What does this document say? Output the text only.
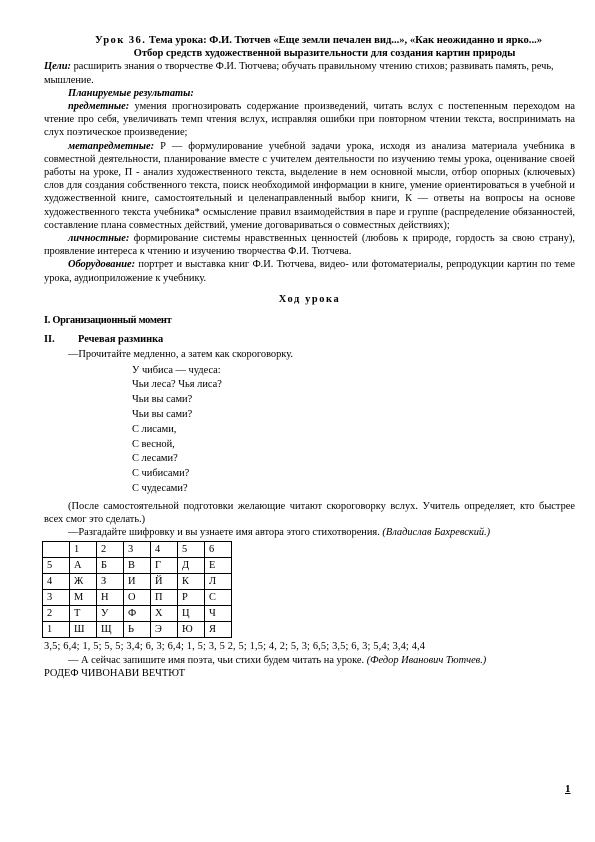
Урок 36. Тема урока: Ф.И. Тютчев «Еще земли печален вид...», «Как неожиданно и ярко...»
Отбор средств художественной выразительности для создания картин природы

Цели: расширить знания о творчестве Ф.И. Тютчева; обучать правильному чтению стихов; развивать память, речь, мышление.

Планируемые результаты:

предметные: умения прогнозировать содержание произведений, читать вслух с постепенным переходом на чтение про себя, увеличивать темп чтения вслух, исправляя ошибки при повторном чтении текста, воспринимать на слух поэтическое произведение;

метапредметные: Р — формулирование учебной задачи урока, исходя из анализа материала учебника в совместной деятельности, планирование вместе с учителем деятельности по изучению темы урока, оценивание своей работы на уроке, П - анализ художественного текста, выделение в нем основной мысли, отбор опорных (ключевых) слов для создания собственного текста, поиск необходимой информации в книге, умение ориентироваться в учебной и художественной книге, самостоятельный и целенаправленный выбор книги, К — ответы на вопросы на основе художественного текста учебника* осмысление правил взаимодействия в паре и группе (распределение обязанностей, составление плана совместных действий, умение договариваться о совместных действиях);

личностные: формирование системы нравственных ценностей (любовь к природе, гордость за свою страну), проявление интереса к чтению и изучению творчества Ф.И. Тютчева.

Оборудование: портрет и выставка книг Ф.И. Тютчева, видео- или фотоматериалы, репродукции картин по теме урока, аудиоприложение к учебнику.

Ход урока
I. Организационный момент
II. Речевая разминка

—Прочитайте медленно, а затем как скороговорку.

У чибиса — чудеса:
Чьи леса? Чья лиса?
Чьи вы сами?
Чьи вы сами?
С лисами,
С весной,
С лесами?
С чибисами?
С чудесами?

(После самостоятельной подготовки желающие читают скороговорку вслух. Учитель определяет, кто быстрее всех смог это сделать.)

—Разгадайте шифровку и вы узнаете имя автора этого стихотворения. (Владислав Бахревский.)

	1	2	3	4	5	6
5	А	Б	В	Г	Д	Е
4	Ж	З	И	Й	К	Л
3	М	Н	О	П	Р	С
2	Т	У	Ф	Х	Ц	Ч
1	Ш	Щ	Ь	Э	Ю	Я
3,5; 6,4; 1, 5; 5, 5; 3,4; 6, 3; 6,4; 1, 5; 3, 5 2, 5; 1,5; 4, 2; 5, 3; 6,5; 3,5; 6, 3; 5,4; 3,4; 4,4

— А сейчас запишите имя поэта, чьи стихи будем читать на уроке. (Федор Иванович Тютчев.)

РОДЕФ ЧИВОНАВИ ВЕЧТЮТ
1
